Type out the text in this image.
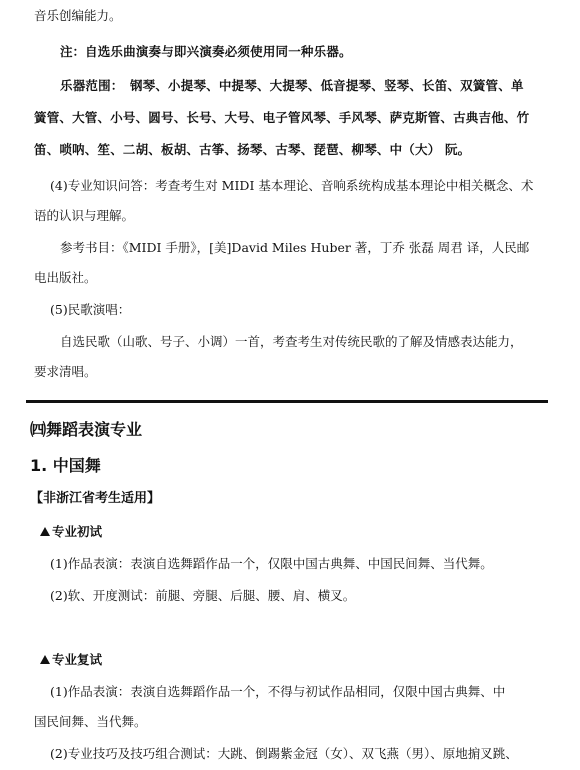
音乐创编能力。
注：自选乐曲演奏与即兴演奏必须使用同一种乐器。
乐器范围：　钢琴、小提琴、中提琴、大提琴、低音提琴、竖琴、长笛、双簧管、单
簧管、大管、小号、圆号、长号、大号、电子管风琴、手风琴、萨克斯管、古典吉他、竹
笛、唢呐、笙、二胡、板胡、古筝、扬琴、古琴、琵琶、柳琴、中（大） 阮。
(4)专业知识问答：考查考生对 MIDI 基本理论、音响系统构成基本理论中相关概念、术
语的认识与理解。
参考书目：《MIDI 手册》，[美]David Miles Huber 著，丁乔 张磊 周君 译，人民邮
电出版社。
(5)民歌演唱：
自选民歌（山歌、号子、小调）一首，考查考生对传统民歌的了解及情感表达能力，
要求清唱。
㈣舞蹈表演专业
1. 中国舞
【非浙江省考生适用】
专业初试
(1)作品表演：表演自选舞蹈作品一个，仅限中国古典舞、中国民间舞、当代舞。
(2)软、开度测试：前腿、旁腿、后腿、腰、肩、横叉。
专业复试
(1)作品表演：表演自选舞蹈作品一个，不得与初试作品相同，仅限中国古典舞、中
国民间舞、当代舞。
(2)专业技巧及技巧组合测试：大跳、倒踢紫金冠（女）、双飞燕（男）、原地掮叉跳、
